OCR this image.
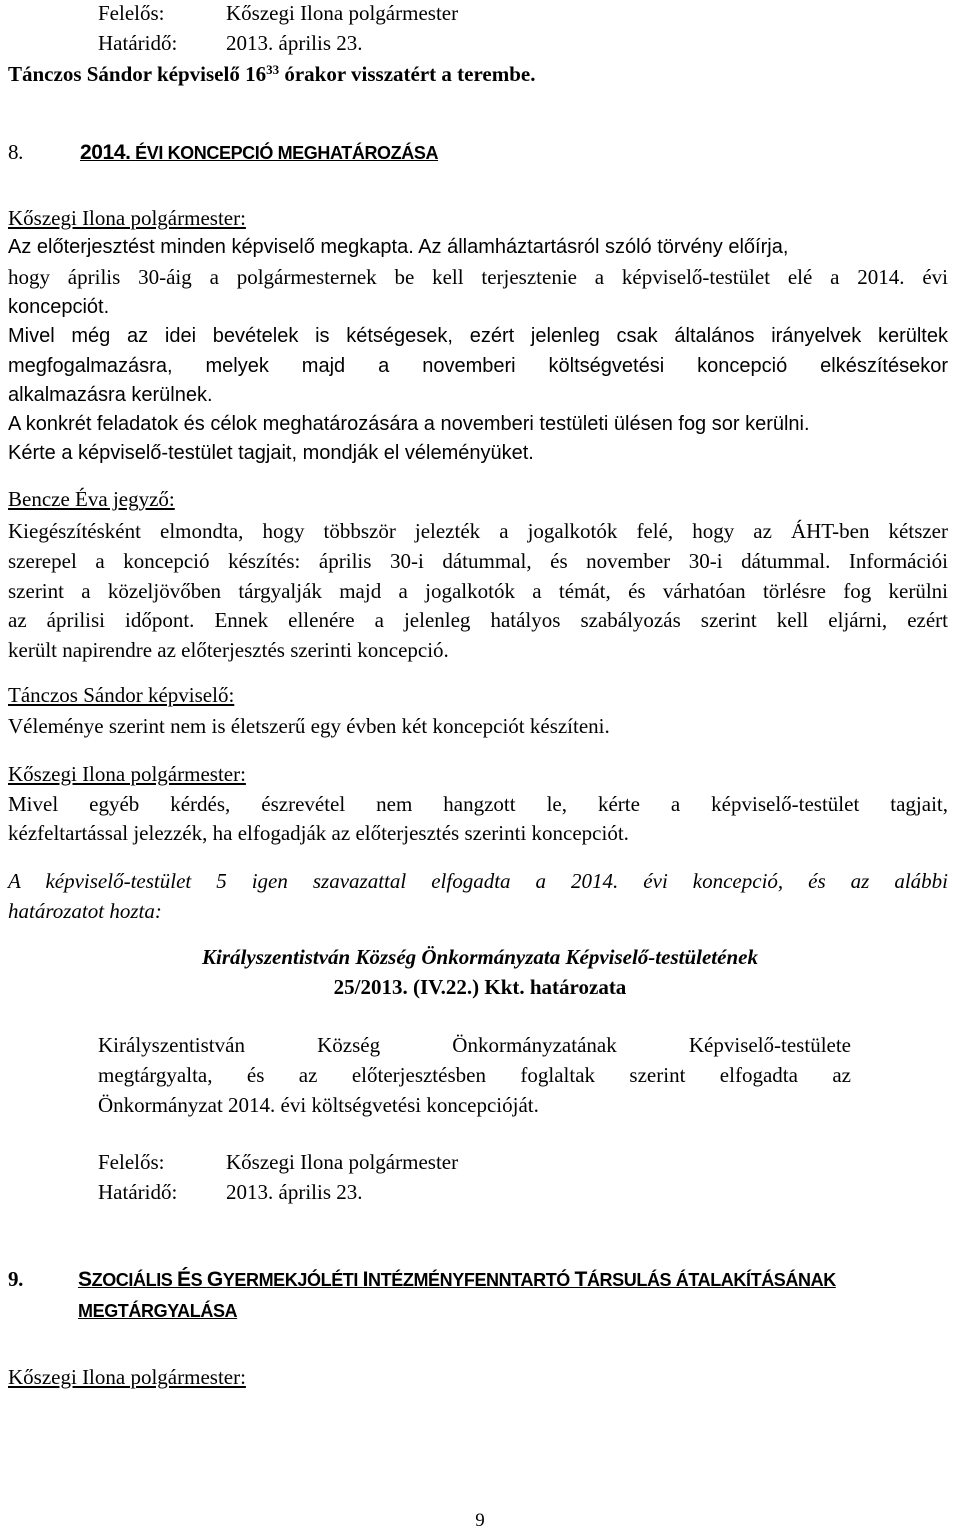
Felelős:	Kőszegi Ilona polgármester
Határidő: 2013. április 23.
Tánczos Sándor képviselő $16^{33}$ órakor visszatért a terembe.
8.	2014. ÉVI KONCEPCIÓ MEGHATÁROZÁSA
Kőszegi Ilona polgármester:
Az előterjesztést minden képviselő megkapta. Az államháztartásról szóló törvény előírja,
hogy április 30-áig a polgármesternek be kell terjesztenie a képviselő-testület elé a 2014. évi
koncepciót.
Mivel még az idei bevételek is kétségesek, ezért jelenleg csak általános irányelvek kerültek
megfogalmazásra, melyek majd a novemberi költségvetési koncepció elkészítésekor
alkalmazásra kerülnek.
A konkrét feladatok és célok meghatározására a novemberi testületi ülésen fog sor kerülni.
Kérte a képviselő-testület tagjait, mondják el véleményüket.
Bencze Éva jegyző:
Kiegészítésként elmondta, hogy többször jelezték a jogalkotók felé, hogy az ÁHT-ben kétszer
szerepel a koncepció készítés: április 30-i dátummal, és november 30-i dátummal. Információi
szerint a közeljövőben tárgyalják majd a jogalkotók a témát, és várhatóan törlésre fog kerülni
az áprilisi időpont. Ennek ellenére a jelenleg hatályos szabályozás szerint kell eljárni, ezért
került napirendre az előterjesztés szerinti koncepció.
Tánczos Sándor képviselő:
Véleménye szerint nem is életszerű egy évben két koncepciót készíteni.
Kőszegi Ilona polgármester:
Mivel egyéb kérdés, észrevétel nem hangzott le, kérte a képviselő-testület tagjait,
kézfeltartással jelezzék, ha elfogadják az előterjesztés szerinti koncepciót.
A képviselő-testület 5 igen szavazattal elfogadta a 2014. évi koncepció, és az alábbi
határozatot hozta:
Királyszentistván Község Önkormányzata Képviselő-testületének
25/2013. (IV.22.) Kkt. határozata
Királyszentistván Község Önkormányzatának Képviselő-testülete
megtárgyalta, és az előterjesztésben foglaltak szerint elfogadta az
Önkormányzat 2014. évi költségvetési koncepcióját.
Felelős:	Kőszegi Ilona polgármester
Határidő: 2013. április 23.
9.	SZOCIÁLIS ÉS GYERMEKJÓLÉTI INTÉZMÉNYFENNTARTÓ TÁRSULÁS ÁTALAKÍTÁSÁNAK
MEGTÁRGYALÁSA
Kőszegi Ilona polgármester:
9
